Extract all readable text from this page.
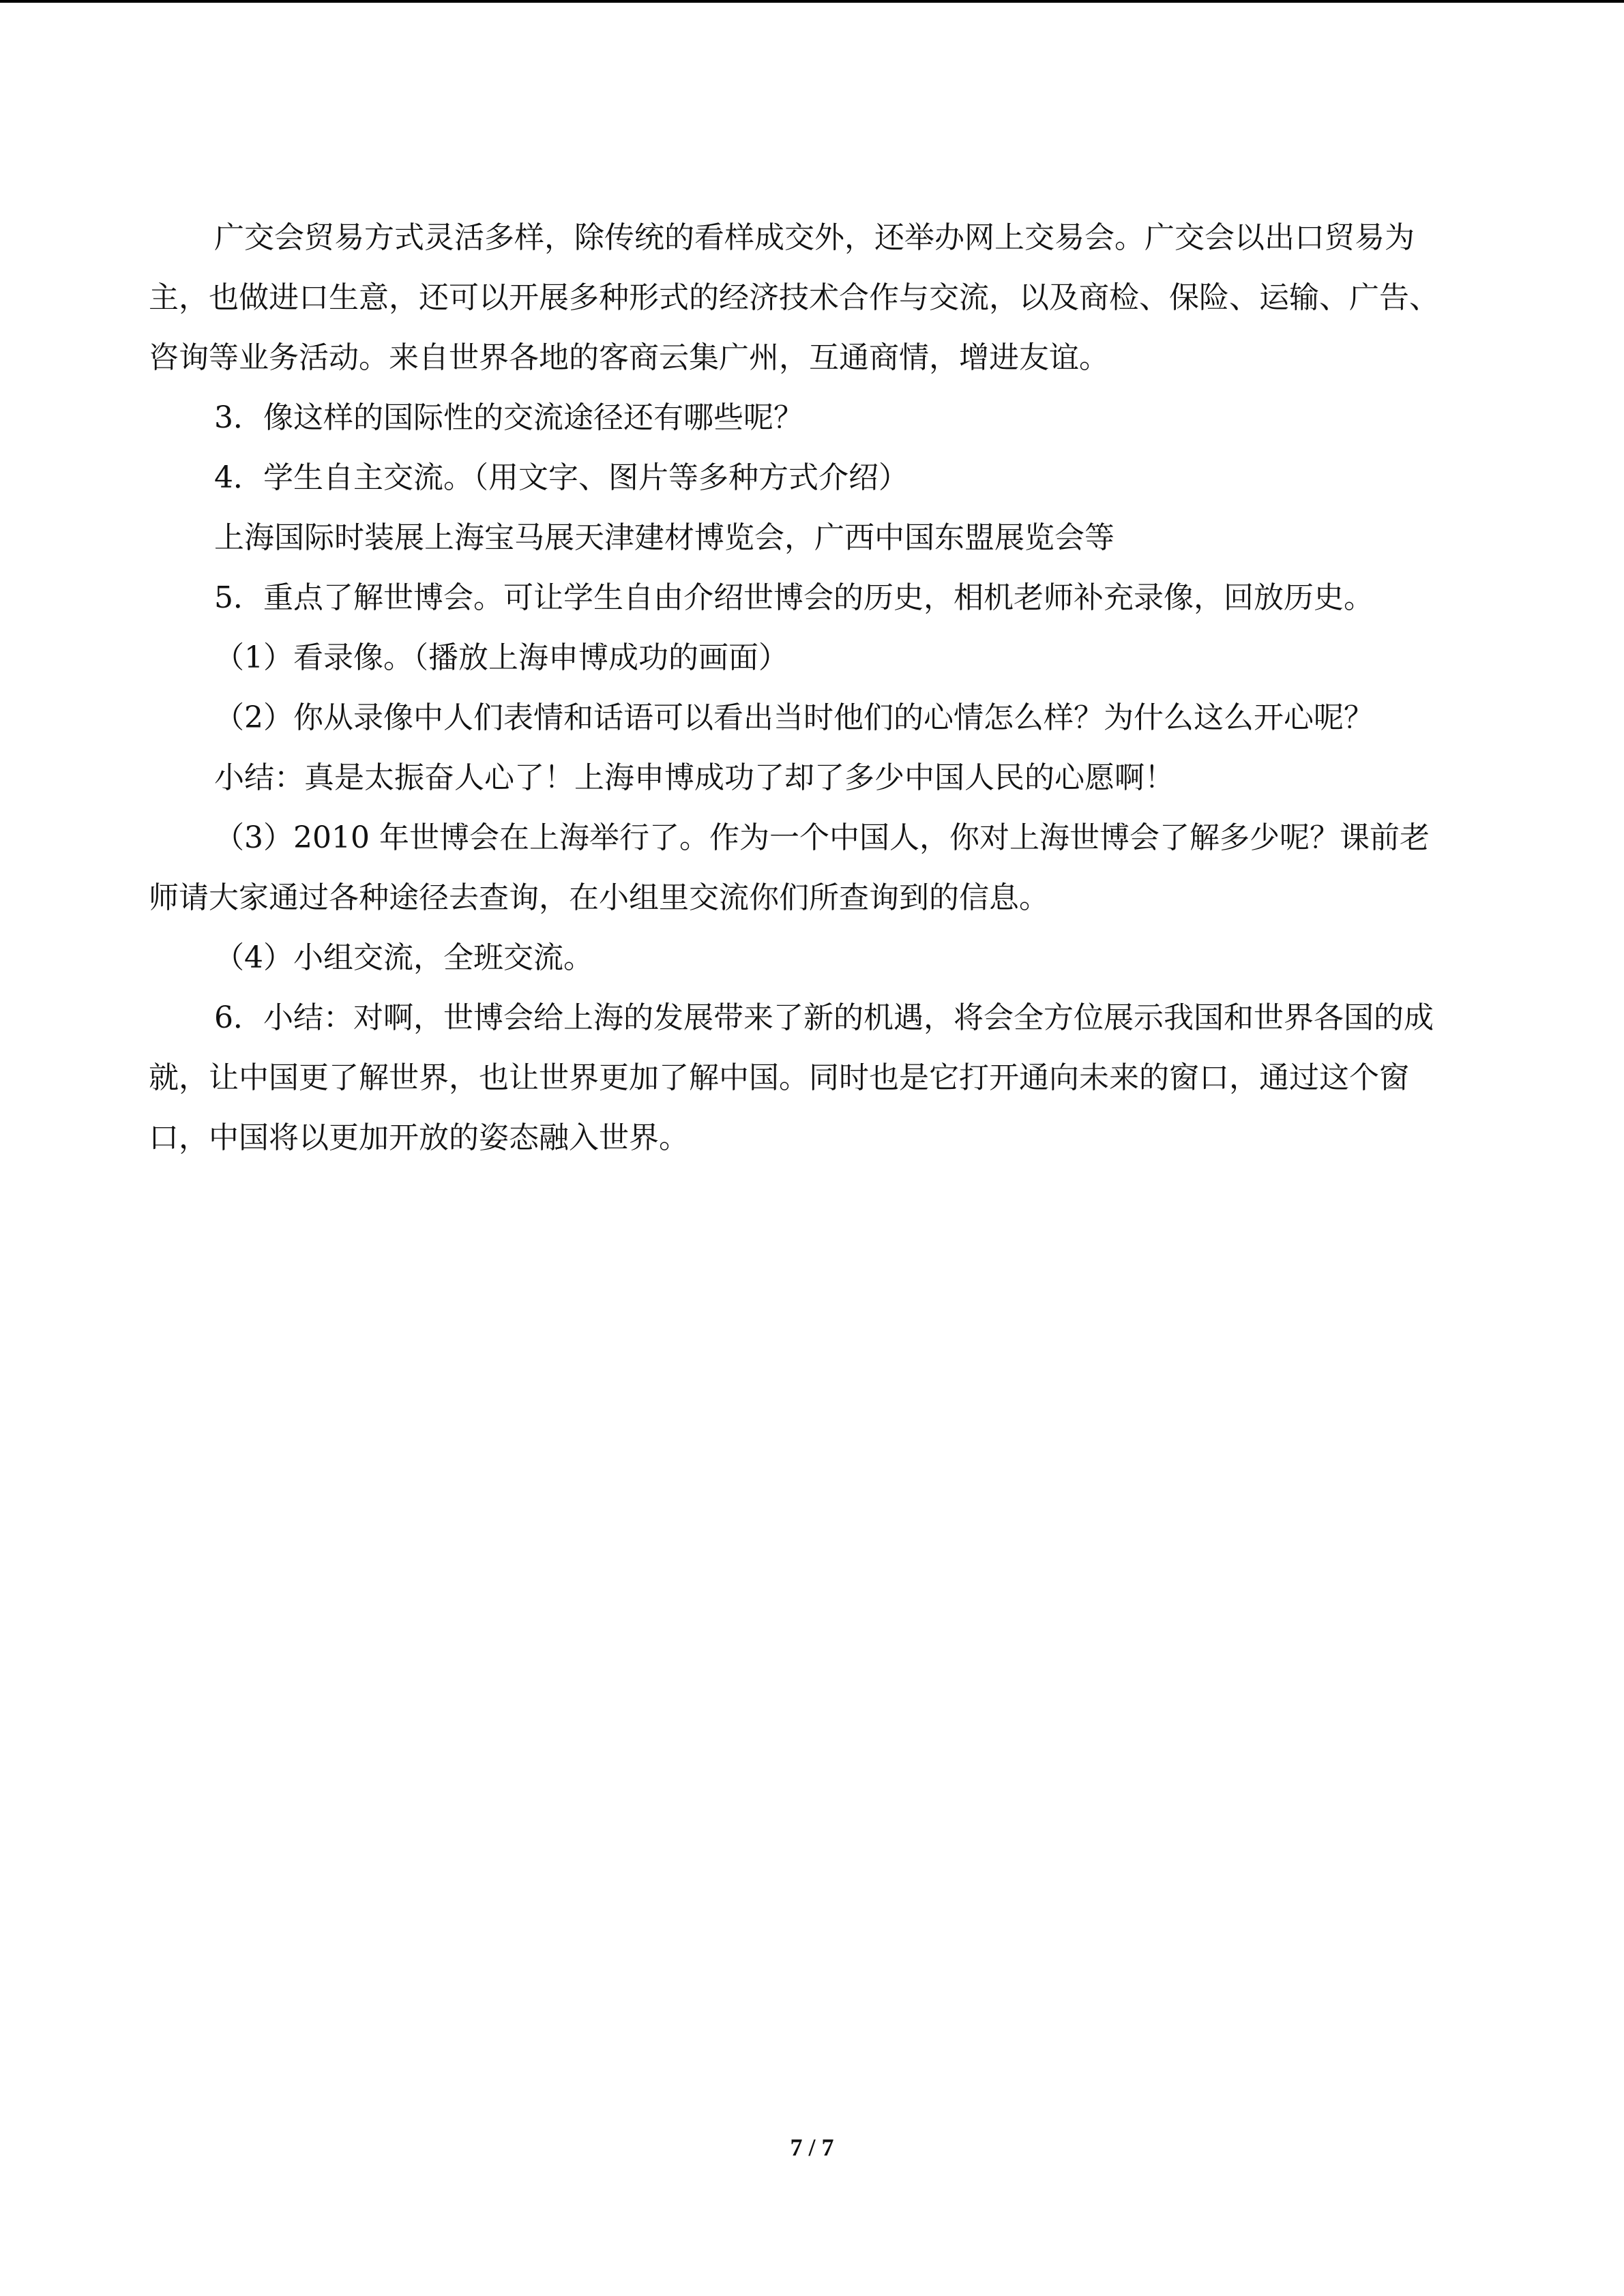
广交会贸易方式灵活多样，除传统的看样成交外，还举办网上交易会。广交会以出口贸易为主，也做进口生意，还可以开展多种形式的经济技术合作与交流，以及商检、保险、运输、广告、咨询等业务活动。来自世界各地的客商云集广州，互通商情，增进友谊。

3．像这样的国际性的交流途径还有哪些呢？

4．学生自主交流。（用文字、图片等多种方式介绍）

上海国际时装展上海宝马展天津建材博览会，广西中国东盟展览会等

5．重点了解世博会。可让学生自由介绍世博会的历史，相机老师补充录像，回放历史。

（1）看录像。（播放上海申博成功的画面）

（2）你从录像中人们表情和话语可以看出当时他们的心情怎么样？为什么这么开心呢？

小结：真是太振奋人心了！上海申博成功了却了多少中国人民的心愿啊！

（3）2010 年世博会在上海举行了。作为一个中国人，你对上海世博会了解多少呢？课前老师请大家通过各种途径去查询，在小组里交流你们所查询到的信息。

（4）小组交流，全班交流。

6．小结：对啊，世博会给上海的发展带来了新的机遇，将会全方位展示我国和世界各国的成就，让中国更了解世界，也让世界更加了解中国。同时也是它打开通向未来的窗口，通过这个窗口，中国将以更加开放的姿态融入世界。

7 / 7
